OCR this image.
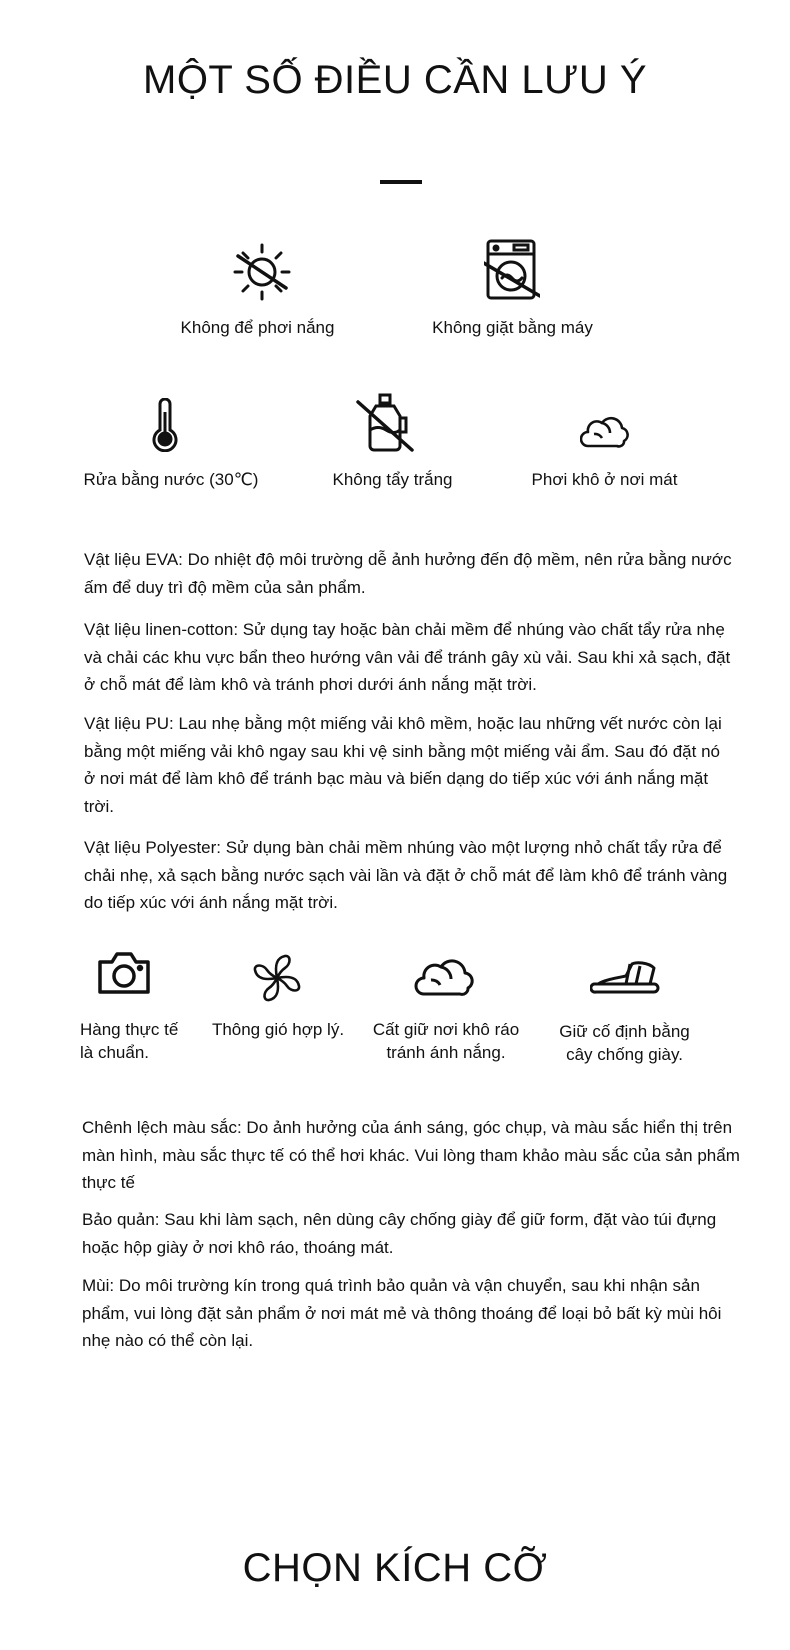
MỘT SỐ ĐIỀU CẦN LƯU Ý
Không để phơi nắng	Không giặt bằng máy
Rửa bằng nước (30℃)	Không tẩy trắng	Phơi khô ở nơi mát
Vật liệu EVA: Do nhiệt độ môi trường dễ ảnh hưởng đến độ mềm, nên rửa bằng nước ấm để duy trì độ mềm của sản phẩm.
Vật liệu linen-cotton: Sử dụng tay hoặc bàn chải mềm để nhúng vào chất tẩy rửa nhẹ và chải các khu vực bẩn theo hướng vân vải để tránh gây xù vải. Sau khi xả sạch, đặt ở chỗ mát để làm khô và tránh phơi dưới ánh nắng mặt trời.
Vật liệu PU: Lau nhẹ bằng một miếng vải khô mềm, hoặc lau những vết nước còn lại bằng một miếng vải khô ngay sau khi vệ sinh bằng một miếng vải ẩm. Sau đó đặt nó ở nơi mát để làm khô để tránh bạc màu và biến dạng do tiếp xúc với ánh nắng mặt trời.
Vật liệu Polyester: Sử dụng bàn chải mềm nhúng vào một lượng nhỏ chất tẩy rửa để chải nhẹ, xả sạch bằng nước sạch vài lần và đặt ở chỗ mát để làm khô để tránh vàng do tiếp xúc với ánh nắng mặt trời.
Hàng thực tế là chuẩn.
Thông gió hợp lý.	Cất giữ nơi khô ráo tránh ánh nắng.
Giữ cố định bằng cây chống giày.
Chênh lệch màu sắc: Do ảnh hưởng của ánh sáng, góc chụp, và màu sắc hiển thị trên màn hình, màu sắc thực tế có thể hơi khác. Vui lòng tham khảo màu sắc của sản phẩm thực tế
Bảo quản: Sau khi làm sạch, nên dùng cây chống giày để giữ form, đặt vào túi đựng hoặc hộp giày ở nơi khô ráo, thoáng mát.
Mùi: Do môi trường kín trong quá trình bảo quản và vận chuyển, sau khi nhận sản phẩm, vui lòng đặt sản phẩm ở nơi mát mẻ và thông thoáng để loại bỏ bất kỳ mùi hôi nhẹ nào có thể còn lại.
CHỌN KÍCH CỠ
